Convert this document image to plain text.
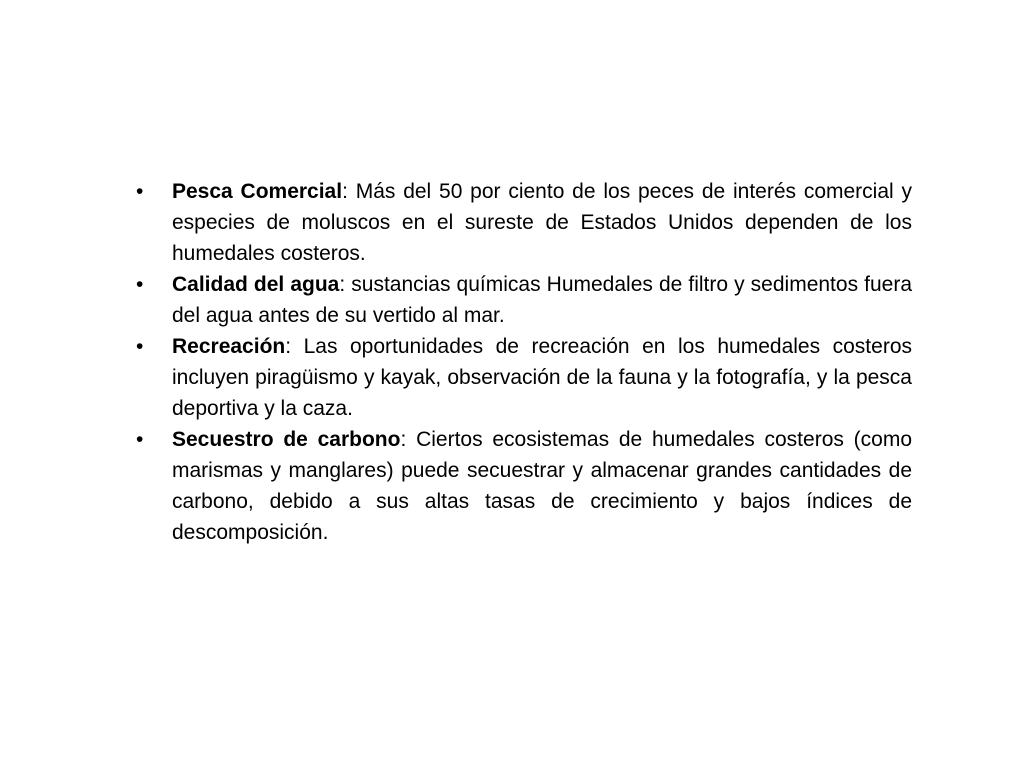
•	Pesca Comercial: Más del 50 por ciento de los peces de interés comercial y especies de moluscos en el sureste de Estados Unidos dependen de los humedales costeros.
•	Calidad del agua: sustancias químicas Humedales de filtro y sedimentos fuera del agua antes de su vertido al mar.
•	Recreación: Las oportunidades de recreación en los humedales costeros incluyen piragüismo y kayak, observación de la fauna y la fotografía, y la pesca deportiva y la caza.
•	Secuestro de carbono: Ciertos ecosistemas de humedales costeros (como marismas y manglares) puede secuestrar y almacenar grandes cantidades de carbono, debido a sus altas tasas de crecimiento y bajos índices de descomposición.
